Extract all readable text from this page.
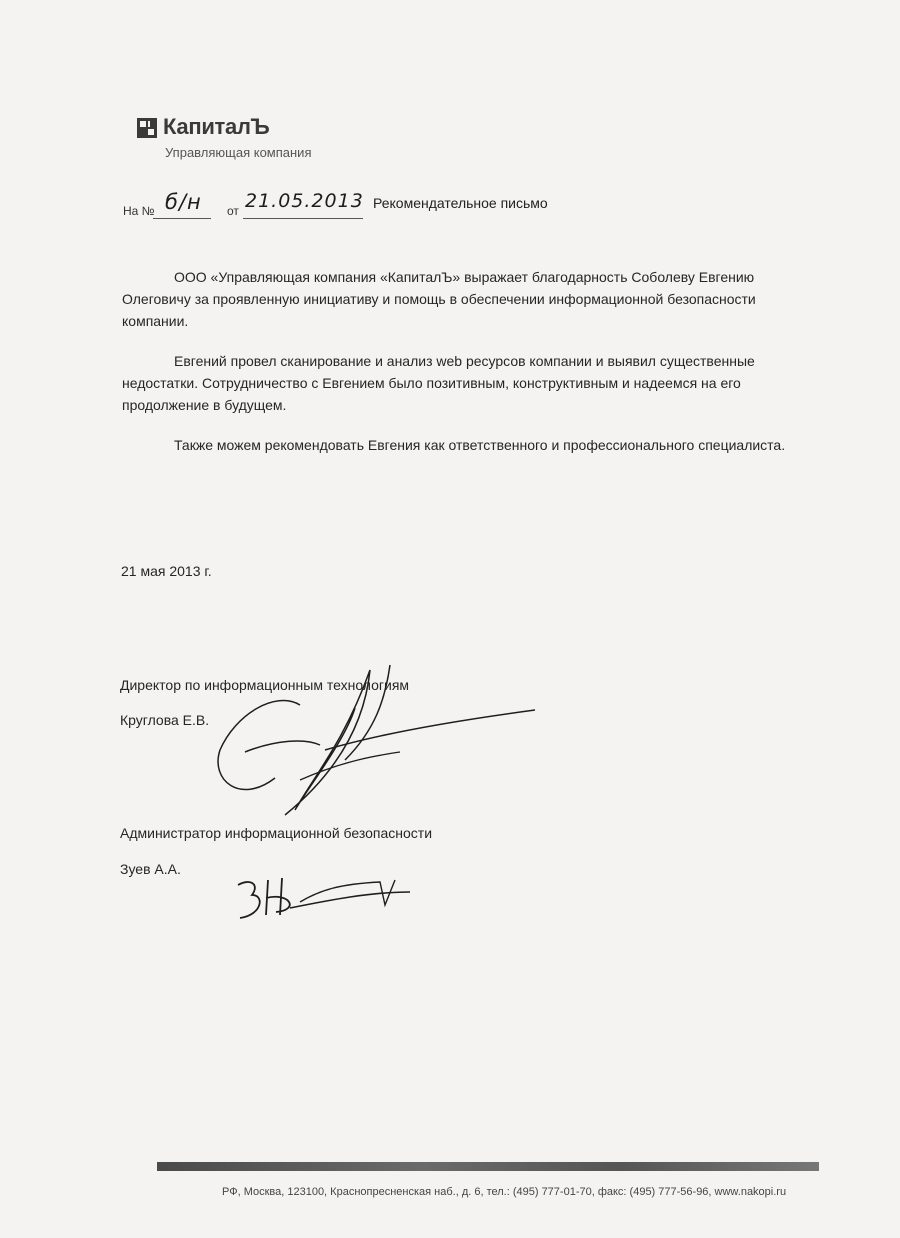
КапиталЪ
Управляющая компания
На № б/н от 21.05.2013 Рекомендательное письмо
ООО «Управляющая компания «КапиталЪ» выражает благодарность Соболеву Евгению Олеговичу за проявленную инициативу и помощь в обеспечении информационной безопасности компании.
Евгений провел сканирование и анализ web ресурсов компании и выявил существенные недостатки. Сотрудничество с Евгением было позитивным, конструктивным и надеемся на его продолжение в будущем.
Также можем рекомендовать Евгения как ответственного и профессионального специалиста.
21 мая 2013 г.
Директор по информационным технологиям
Круглова Е.В.
Администратор информационной безопасности
Зуев А.А.
РФ, Москва, 123100, Краснопресненская наб., д. 6, тел.: (495) 777-01-70, факс: (495) 777-56-96, www.nakopi.ru
